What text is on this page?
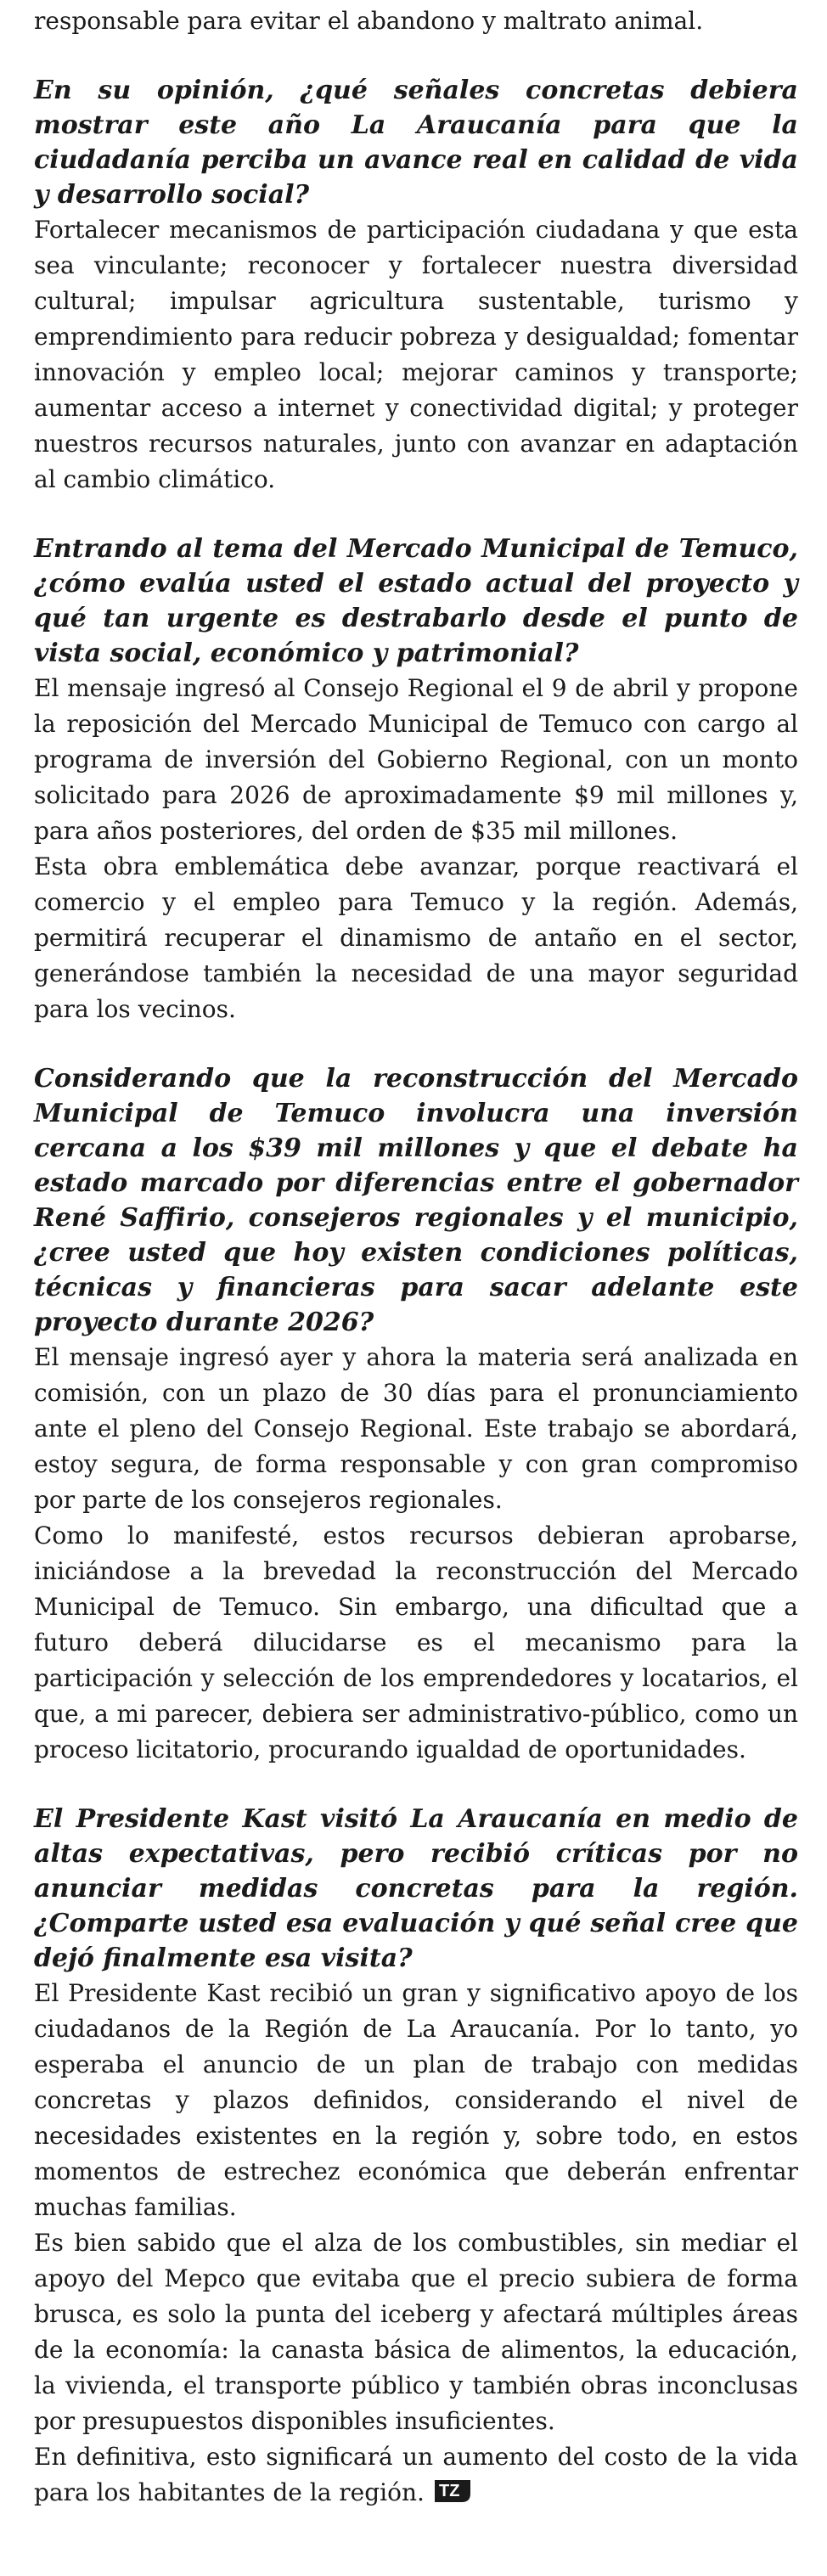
responsable para evitar el abandono y maltrato animal.

En su opinión, ¿qué señales concretas debiera mostrar este año La Araucanía para que la ciudadanía perciba un avance real en calidad de vida y desarrollo social?

Fortalecer mecanismos de participación ciudadana y que esta sea vinculante; reconocer y fortalecer nuestra diversidad cultural; impulsar agricultura sustentable, turismo y emprendimiento para reducir pobreza y desigualdad; fomentar innovación y empleo local; mejorar caminos y transporte; aumentar acceso a internet y conectividad digital; y proteger nuestros recursos naturales, junto con avanzar en adaptación al cambio climático.

Entrando al tema del Mercado Municipal de Temuco, ¿cómo evalúa usted el estado actual del proyecto y qué tan urgente es destrabarlo desde el punto de vista social, económico y patrimonial?

El mensaje ingresó al Consejo Regional el 9 de abril y propone la reposición del Mercado Municipal de Temuco con cargo al programa de inversión del Gobierno Regional, con un monto solicitado para 2026 de aproximadamente $9 mil millones y, para años posteriores, del orden de $35 mil millones.

Esta obra emblemática debe avanzar, porque reactivará el comercio y el empleo para Temuco y la región. Además, permitirá recuperar el dinamismo de antaño en el sector, generándose también la necesidad de una mayor seguridad para los vecinos.

Considerando que la reconstrucción del Mercado Municipal de Temuco involucra una inversión cercana a los $39 mil millones y que el debate ha estado marcado por diferencias entre el gobernador René Saffirio, consejeros regionales y el municipio, ¿cree usted que hoy existen condiciones políticas, técnicas y financieras para sacar adelante este proyecto durante 2026?

El mensaje ingresó ayer y ahora la materia será analizada en comisión, con un plazo de 30 días para el pronunciamiento ante el pleno del Consejo Regional. Este trabajo se abordará, estoy segura, de forma responsable y con gran compromiso por parte de los consejeros regionales.

Como lo manifesté, estos recursos debieran aprobarse, iniciándose a la brevedad la reconstrucción del Mercado Municipal de Temuco. Sin embargo, una dificultad que a futuro deberá dilucidarse es el mecanismo para la participación y selección de los emprendedores y locatarios, el que, a mi parecer, debiera ser administrativo-público, como un proceso licitatorio, procurando igualdad de oportunidades.

El Presidente Kast visitó La Araucanía en medio de altas expectativas, pero recibió críticas por no anunciar medidas concretas para la región. ¿Comparte usted esa evaluación y qué señal cree que dejó finalmente esa visita?

El Presidente Kast recibió un gran y significativo apoyo de los ciudadanos de la Región de La Araucanía. Por lo tanto, yo esperaba el anuncio de un plan de trabajo con medidas concretas y plazos definidos, considerando el nivel de necesidades existentes en la región y, sobre todo, en estos momentos de estrechez económica que deberán enfrentar muchas familias.

Es bien sabido que el alza de los combustibles, sin mediar el apoyo del Mepco que evitaba que el precio subiera de forma brusca, es solo la punta del iceberg y afectará múltiples áreas de la economía: la canasta básica de alimentos, la educación, la vivienda, el transporte público y también obras inconclusas por presupuestos disponibles insuficientes.

En definitiva, esto significará un aumento del costo de la vida para los habitantes de la región. TZ
